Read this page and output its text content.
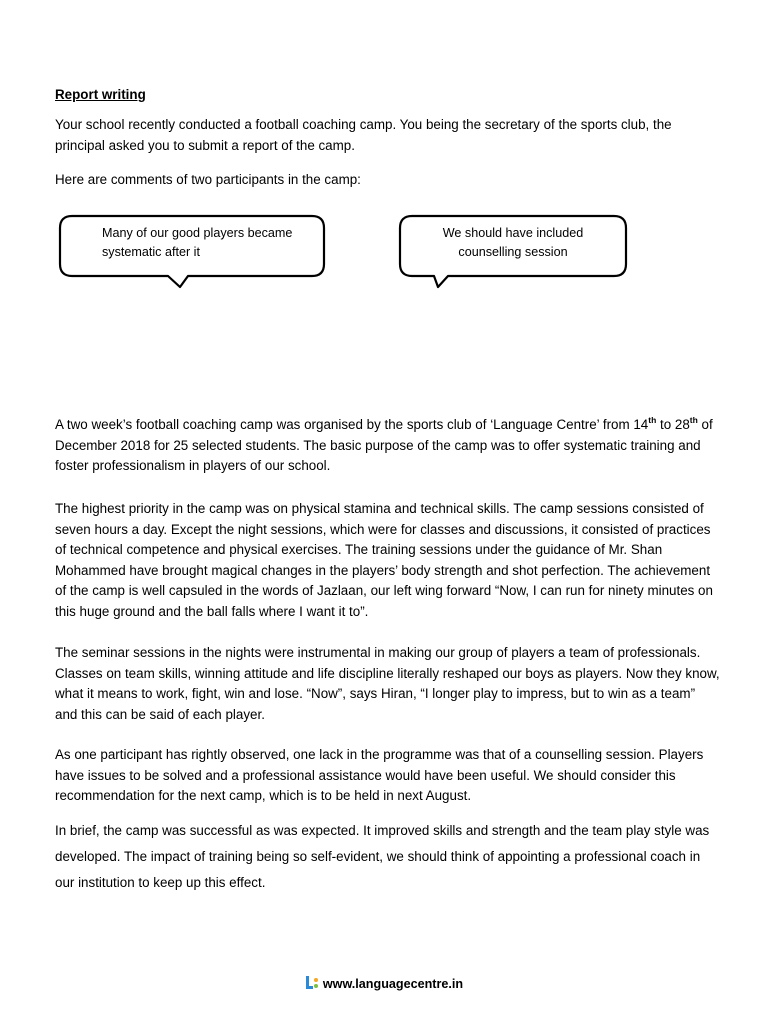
Report writing

Your school recently conducted a football coaching camp. You being the secretary of the sports club, the principal asked you to submit a report of the camp.

Here are comments of two participants in the camp:

Many of our good players became systematic after it
We should have included counselling session

A two week’s football coaching camp was organised by the sports club of ‘Language Centre’ from 14th to 28th of December 2018 for 25 selected students. The basic purpose of the camp was to offer systematic training and foster professionalism in players of our school.

The highest priority in the camp was on physical stamina and technical skills. The camp sessions consisted of seven hours a day. Except the night sessions, which were for classes and discussions, it consisted of practices of technical competence and physical exercises. The training sessions under the guidance of Mr. Shan Mohammed have brought magical changes in the players’ body strength and shot perfection. The achievement of the camp is well capsuled in the words of Jazlaan, our left wing forward “Now, I can run for ninety minutes on this huge ground and the ball falls where I want it to”.

The seminar sessions in the nights were instrumental in making our group of players a team of professionals. Classes on team skills, winning attitude and life discipline literally reshaped our boys as players. Now they know, what it means to work, fight, win and lose. “Now”, says Hiran, “I longer play to impress, but to win as a team” and this can be said of each player.

As one participant has rightly observed, one lack in the programme was that of a counselling session. Players have issues to be solved and a professional assistance would have been useful. We should consider this recommendation for the next camp, which is to be held in next August.

In brief, the camp was successful as was expected. It improved skills and strength and the team play style was developed. The impact of training being so self-evident, we should think of appointing a professional coach in our institution to keep up this effect.

www.languagecentre.in
